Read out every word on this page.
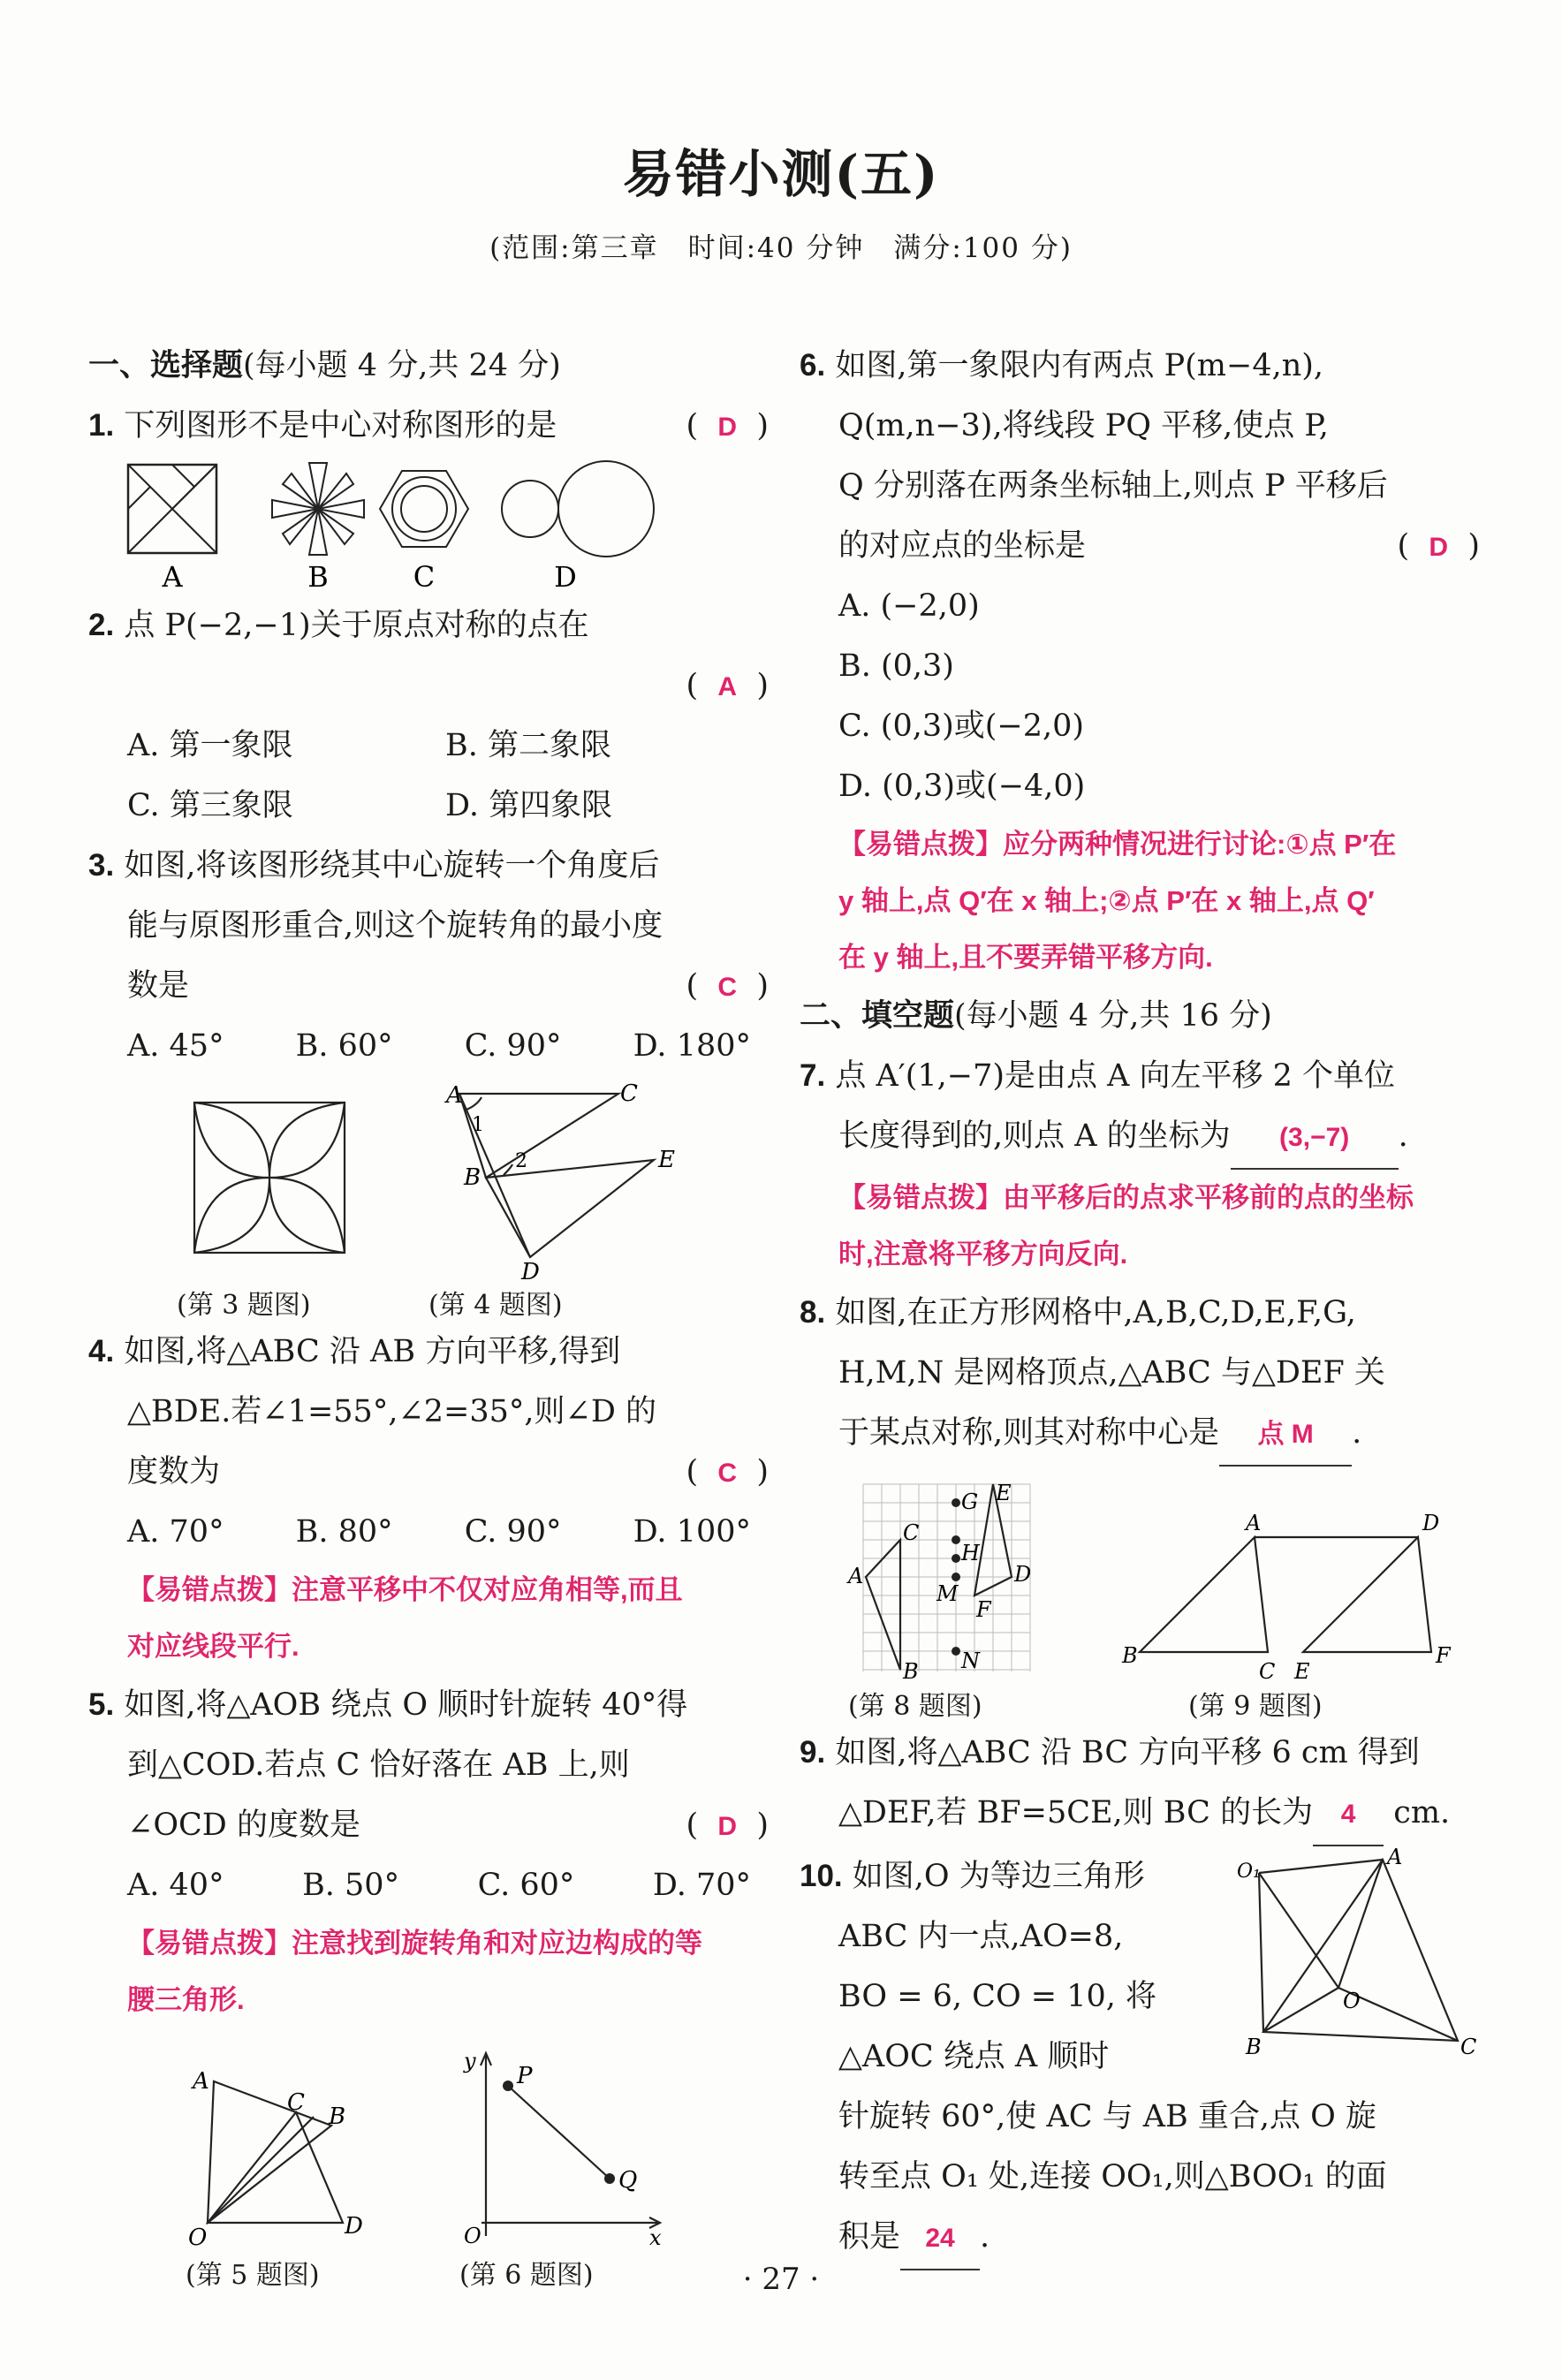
易错小测(五)
(范围:第三章　时间:40 分钟　满分:100 分)
一、选择题(每小题 4 分,共 24 分)
1. 下列图形不是中心对称图形的是	(  D  )
A	B	C	D
2. 点 P(−2,−1)关于原点对称的点在
(  A  )

A. 第一象限	B. 第二象限
C. 第三象限	D. 第四象限
3. 如图,将该图形绕其中心旋转一个角度后
能与原图形重合,则这个旋转角的最小度
数是	(  C  )
A. 45° B. 60° C. 90° D. 180°
A	C
B
E
D
1
2
(第 3 题图)	(第 4 题图)
4. 如图,将△ABC 沿 AB 方向平移,得到
△BDE.若∠1=55°,∠2=35°,则∠D 的
度数为	(  C  )
A. 70° B. 80° C. 90° D. 100°
【易错点拨】注意平移中不仅对应角相等,而且
对应线段平行.
5. 如图,将△AOB 绕点 O 顺时针旋转 40°得
到△COD.若点 C 恰好落在 AB 上,则
∠OCD 的度数是	(  D  )
A. 40°	B. 50°	C. 60°	D. 70°
【易错点拨】注意找到旋转角和对应边构成的等
腰三角形.
A
C
B
D
O
y
x
O
P
Q
(第 5 题图)	(第 6 题图)
6. 如图,第一象限内有两点 P(m−4,n),
Q(m,n−3),将线段 PQ 平移,使点 P,
Q 分别落在两条坐标轴上,则点 P 平移后
的对应点的坐标是	(  D  )
A. (−2,0)
B. (0,3)
C. (0,3)或(−2,0)
D. (0,3)或(−4,0)
【易错点拨】应分两种情况进行讨论:①点 P′在
y 轴上,点 Q′在 x 轴上;②点 P′在 x 轴上,点 Q′
在 y 轴上,且不要弄错平移方向.
二、填空题(每小题 4 分,共 16 分)
7. 点 A′(1,−7)是由点 A 向左平移 2 个单位
长度得到的,则点 A 的坐标为 (3,−7) .
【易错点拨】由平移后的点求平移前的点的坐标
时,注意将平移方向反向.
8. 如图,在正方形网格中,A,B,C,D,E,F,G,
H,M,N 是网格顶点,△ABC 与△DEF 关
于某点对称,则其对称中心是 点 M .
A
B
C
D
E
F
G
H
M
N	B
A
C E
D
F
(第 8 题图)	(第 9 题图)
9. 如图,将△ABC 沿 BC 方向平移 6 cm 得到
△DEF,若 BF=5CE,则 BC 的长为 4 cm.
10. 如图,O 为等边三角形
ABC 内一点,AO=8,
BO = 6, CO = 10, 将
△AOC 绕点 A 顺时
A
B	C
O
O₁
针旋转 60°,使 AC 与 AB 重合,点 O 旋
转至点 O₁ 处,连接 OO₁,则△BOO₁ 的面
积是 24 .
· 27 ·
